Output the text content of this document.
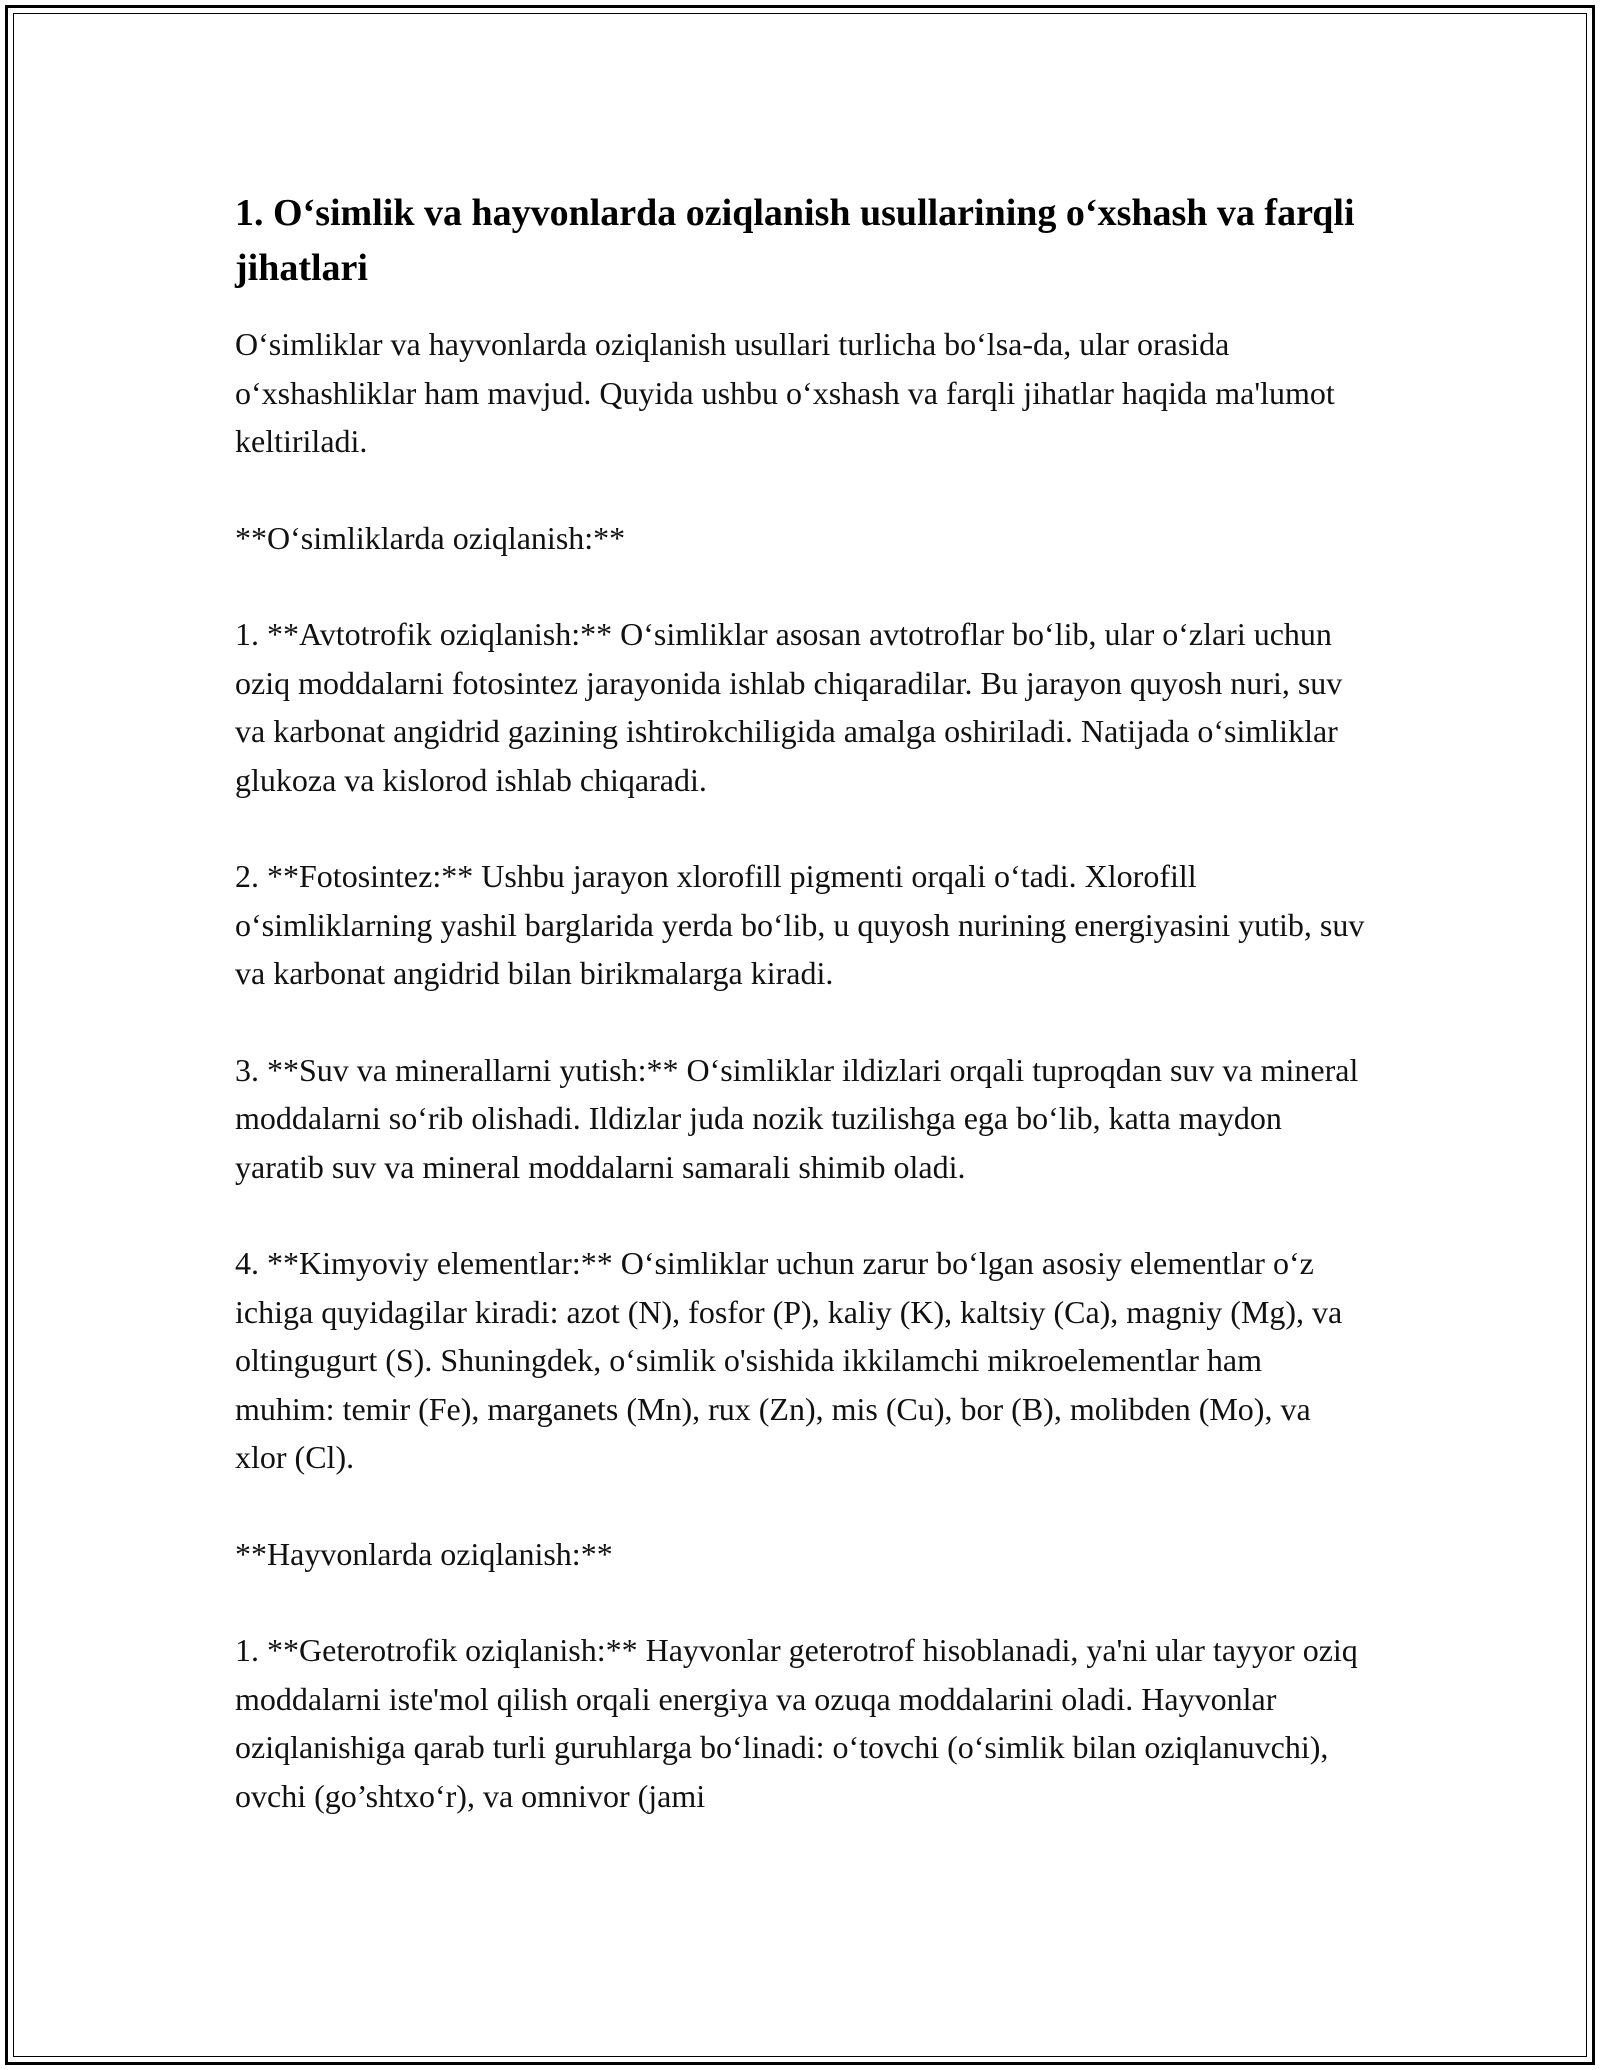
1. O‘simlik va hayvonlarda oziqlanish usullarining o‘xshash va farqli jihatlari

O‘simliklar va hayvonlarda oziqlanish usullari turlicha bo‘lsa-da, ular orasida o‘xshashliklar ham mavjud. Quyida ushbu o‘xshash va farqli jihatlar haqida ma'lumot keltiriladi.

**O‘simliklarda oziqlanish:**

1. **Avtotrofik oziqlanish:** O‘simliklar asosan avtotroflar bo‘lib, ular o‘zlari uchun oziq moddalarni fotosintez jarayonida ishlab chiqaradilar. Bu jarayon quyosh nuri, suv va karbonat angidrid gazining ishtirokchiligida amalga oshiriladi. Natijada o‘simliklar glukoza va kislorod ishlab chiqaradi.

2. **Fotosintez:** Ushbu jarayon xlorofill pigmenti orqali o‘tadi. Xlorofill o‘simliklarning yashil barglarida yerda bo‘lib, u quyosh nurining energiyasini yutib, suv va karbonat angidrid bilan birikmalarga kiradi.

3. **Suv va minerallarni yutish:** O‘simliklar ildizlari orqali tuproqdan suv va mineral moddalarni so‘rib olishadi. Ildizlar juda nozik tuzilishga ega bo‘lib, katta maydon yaratib suv va mineral moddalarni samarali shimib oladi.

4. **Kimyoviy elementlar:** O‘simliklar uchun zarur bo‘lgan asosiy elementlar o‘z ichiga quyidagilar kiradi: azot (N), fosfor (P), kaliy (K), kaltsiy (Ca), magniy (Mg), va oltingugurt (S). Shuningdek, o‘simlik o'sishida ikkilamchi mikroelementlar ham muhim: temir (Fe), marganets (Mn), rux (Zn), mis (Cu), bor (B), molibden (Mo), va xlor (Cl).

**Hayvonlarda oziqlanish:**

1. **Geterotrofik oziqlanish:** Hayvonlar geterotrof hisoblanadi, ya'ni ular tayyor oziq moddalarni iste'mol qilish orqali energiya va ozuqa moddalarini oladi. Hayvonlar oziqlanishiga qarab turli guruhlarga bo‘linadi: o‘tovchi (o‘simlik bilan oziqlanuvchi), ovchi (go’shtxo‘r), va omnivor (jami
